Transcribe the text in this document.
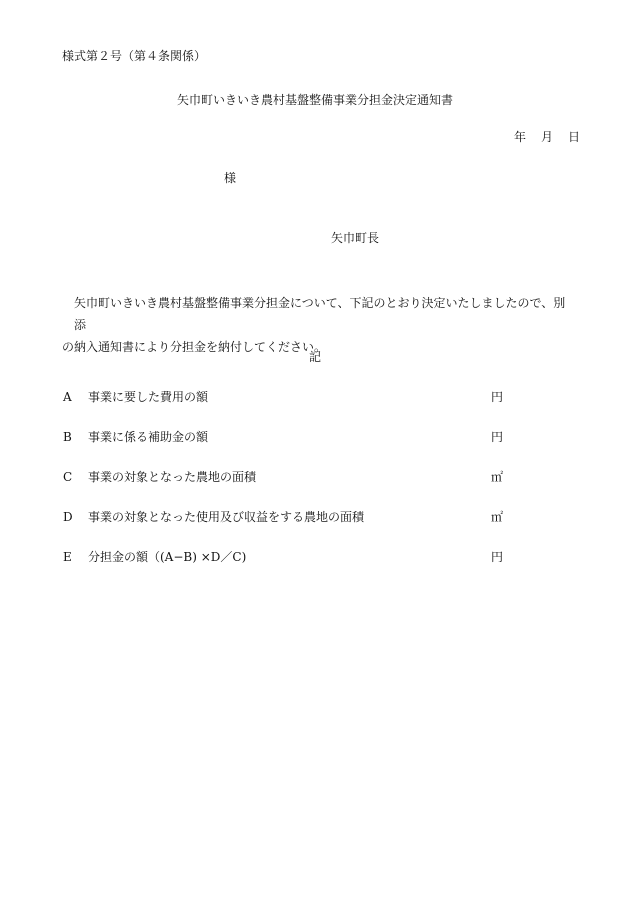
様式第２号（第４条関係）
矢巾町いきいき農村基盤整備事業分担金決定通知書
年 月 日
様
矢巾町長
矢巾町いきいき農村基盤整備事業分担金について、下記のとおり決定いたしましたので、別添
の納入通知書により分担金を納付してください。
記
A 事業に要した費用の額	円
B 事業に係る補助金の額	円
C 事業の対象となった農地の面積	㎡
D 事業の対象となった使用及び収益をする農地の面積	㎡
E 分担金の額（(A−B) ×D／C)	円
